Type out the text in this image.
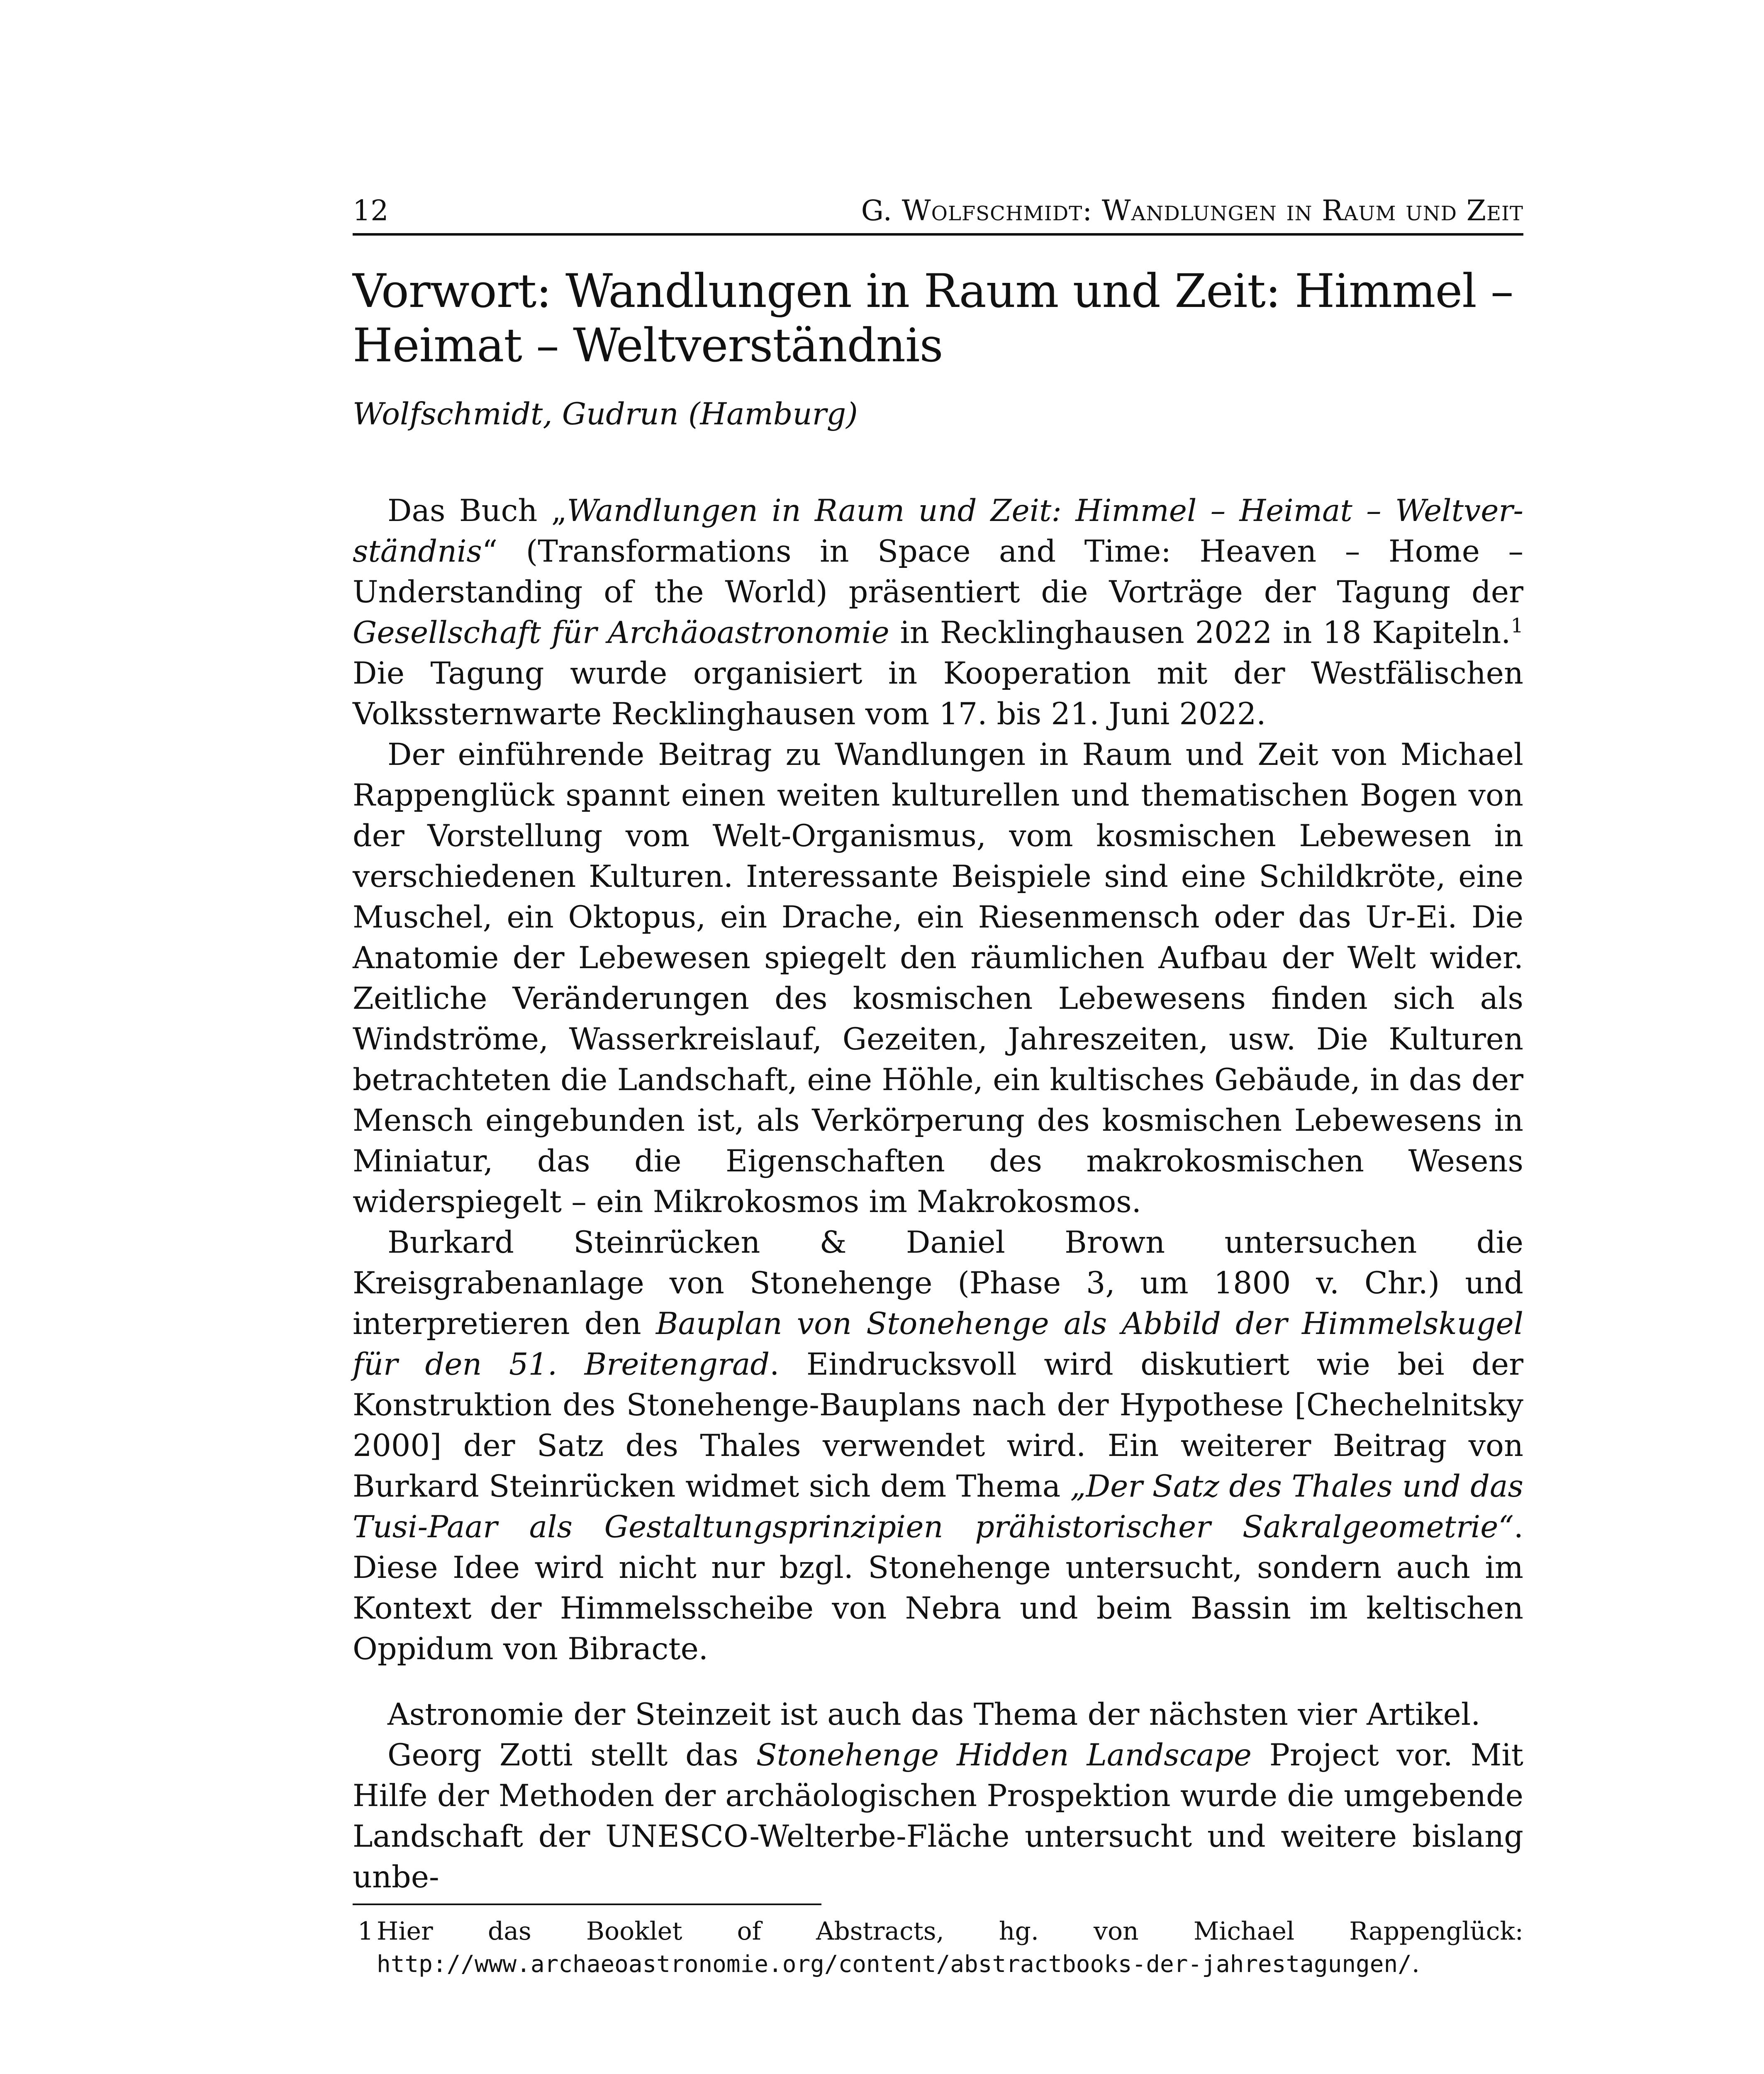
12	G. Wolfschmidt: Wandlungen in Raum und Zeit
Vorwort: Wandlungen in Raum und Zeit: Himmel –
Heimat – Weltverständnis
Wolfschmidt, Gudrun (Hamburg)

Das Buch „Wandlungen in Raum und Zeit: Himmel – Heimat – Weltverständnis“ (Transformations in Space and Time: Heaven – Home – Understanding of the World) präsentiert die Vorträge der Tagung der Gesellschaft für Archäoastronomie in Recklinghausen 2022 in 18 Kapiteln.$^1$ Die Tagung wurde organisiert in Kooperation mit der Westfälischen Volkssternwarte Recklinghausen vom 17. bis 21. Juni 2022.

Der einführende Beitrag zu Wandlungen in Raum und Zeit von Michael Rappenglück spannt einen weiten kulturellen und thematischen Bogen von der Vorstellung vom Welt-Organismus, vom kosmischen Lebewesen in verschiedenen Kulturen. Interessante Beispiele sind eine Schildkröte, eine Muschel, ein Oktopus, ein Drache, ein Riesenmensch oder das Ur-Ei. Die Anatomie der Lebewesen spiegelt den räumlichen Aufbau der Welt wider. Zeitliche Veränderungen des kosmischen Lebewesens finden sich als Windströme, Wasserkreislauf, Gezeiten, Jahreszeiten, usw. Die Kulturen betrachteten die Landschaft, eine Höhle, ein kultisches Gebäude, in das der Mensch eingebunden ist, als Verkörperung des kosmischen Lebewesens in Miniatur, das die Eigenschaften des makrokosmischen Wesens widerspiegelt – ein Mikrokosmos im Makrokosmos.

Burkard Steinrücken & Daniel Brown untersuchen die Kreisgrabenanlage von Stonehenge (Phase 3, um 1800 v. Chr.) und interpretieren den Bauplan von Stonehenge als Abbild der Himmelskugel für den 51. Breitengrad. Eindrucksvoll wird diskutiert wie bei der Konstruktion des Stonehenge-Bauplans nach der Hypothese [Chechelnitsky 2000] der Satz des Thales verwendet wird. Ein weiterer Beitrag von Burkard Steinrücken widmet sich dem Thema „Der Satz des Thales und das Tusi-Paar als Gestaltungsprinzipien prähistorischer Sakralgeometrie“. Diese Idee wird nicht nur bzgl. Stonehenge untersucht, sondern auch im Kontext der Himmelsscheibe von Nebra und beim Bassin im keltischen Oppidum von Bibracte.

Astronomie der Steinzeit ist auch das Thema der nächsten vier Artikel.

Georg Zotti stellt das Stonehenge Hidden Landscape Project vor. Mit Hilfe der Methoden der archäologischen Prospektion wurde die umgebende Landschaft der UNESCO-Welterbe-Fläche untersucht und weitere bislang unbe-

1 Hier das Booklet of Abstracts, hg. von Michael Rappenglück: http://www.archaeoastronomie.org/content/abstractbooks-der-jahrestagungen/.
